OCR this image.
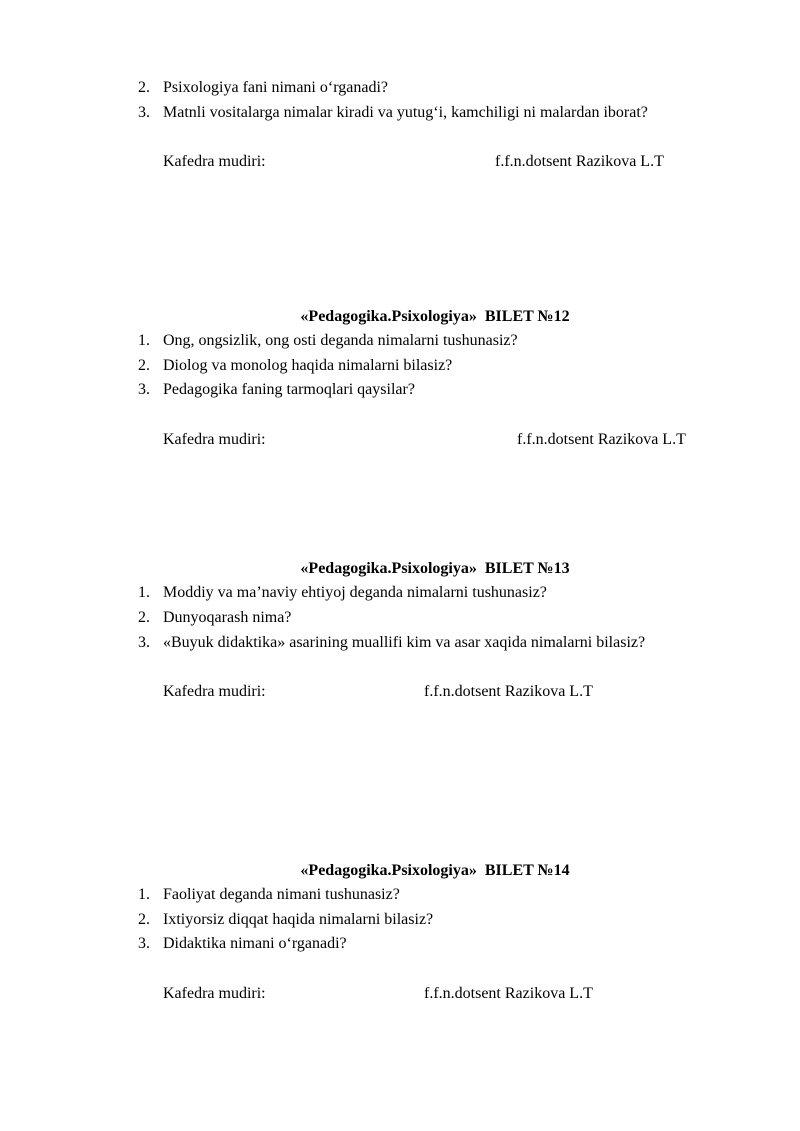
2. Psixologiya fani nimani o‘rganadi?
3. Matnli vositalarga nimalar kiradi va yutug‘i, kamchiligi ni malardan iborat?
Kafedra mudiri:	f.f.n.dotsent Razikova L.T
«Pedagogika.Psixologiya»  BILET №12
1. Ong, ongsizlik, ong osti deganda nimalarni tushunasiz?
2. Diolog va monolog haqida nimalarni bilasiz?
3. Pedagogika faning tarmoqlari qaysilar?
Kafedra mudiri:	f.f.n.dotsent Razikova L.T
«Pedagogika.Psixologiya»  BILET №13
1. Moddiy va ma’naviy ehtiyoj deganda nimalarni tushunasiz?
2. Dunyoqarash nima?
3. «Buyuk didaktika» asarining muallifi kim va asar xaqida nimalarni bilasiz?
Kafedra mudiri:	f.f.n.dotsent Razikova L.T
«Pedagogika.Psixologiya»  BILET №14
1. Faoliyat deganda nimani tushunasiz?
2. Ixtiyorsiz diqqat haqida nimalarni bilasiz?
3. Didaktika nimani o‘rganadi?
Kafedra mudiri:	f.f.n.dotsent Razikova L.T
